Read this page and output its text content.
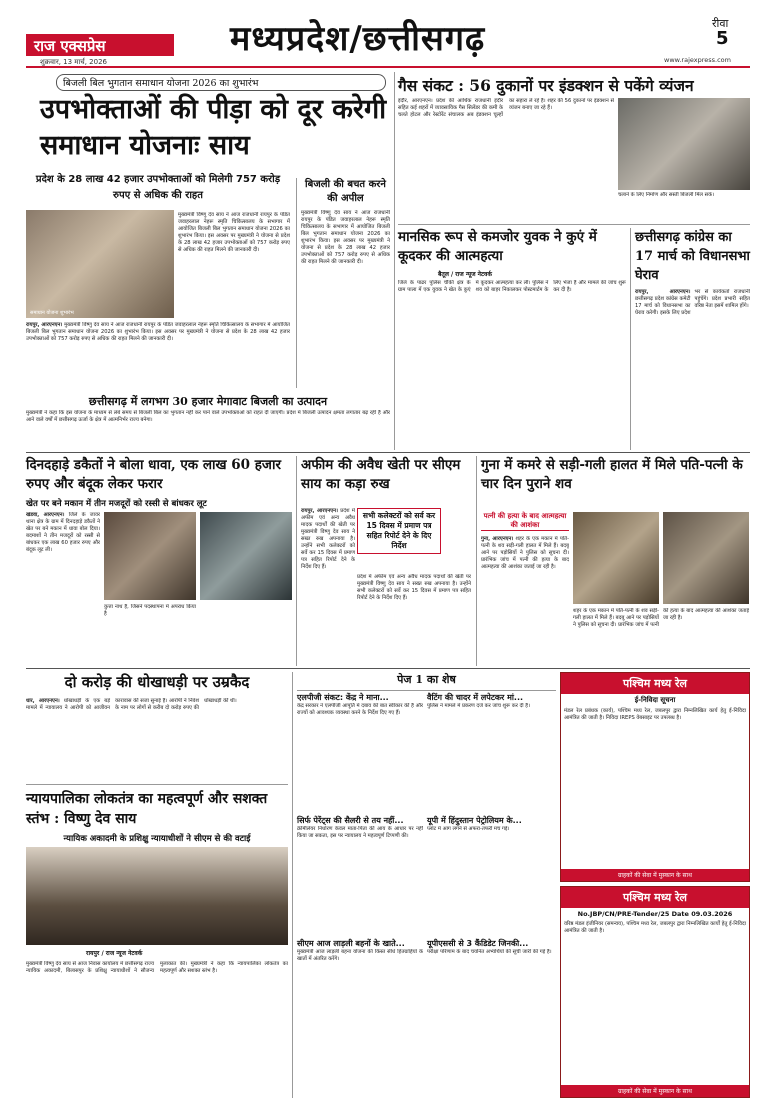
राज एक्सप्रेस
शुक्रवार, 13 मार्च, 2026
मध्यप्रदेश/छत्तीसगढ़	रीवा
5
www.rajexpress.com
बिजली बिल भुगतान समाधान योजना 2026 का शुभारंभ
उपभोक्ताओं की पीड़ा को दूर करेगी समाधान योजनाः साय
प्रदेश के 28 लाख 42 हजार उपभोक्ताओं को मिलेगी 757 करोड़ रुपए से अधिक की राहत
समाधान योजना शुभारंभ
मुख्यमंत्री विष्णु देव साय ने आज राजधानी रायपुर के पंडित जवाहरलाल नेहरू स्मृति चिकित्सालय के सभागार में आयोजित बिजली बिल भुगतान समाधान योजना 2026 का शुभारंभ किया। इस अवसर पर मुख्यमंत्री ने योजना से प्रदेश के 28 लाख 42 हजार उपभोक्ताओं को 757 करोड़ रुपए से अधिक की राहत मिलने की जानकारी दी।
बिजली की बचत करने की अपील
मुख्यमंत्री विष्णु देव साय ने आज राजधानी रायपुर के पंडित जवाहरलाल नेहरू स्मृति चिकित्सालय के सभागार में आयोजित बिजली बिल भुगतान समाधान योजना 2026 का शुभारंभ किया। इस अवसर पर मुख्यमंत्री ने योजना से प्रदेश के 28 लाख 42 हजार उपभोक्ताओं को 757 करोड़ रुपए से अधिक की राहत मिलने की जानकारी दी।
रायपुर, आरएनएन। मुख्यमंत्री विष्णु देव साय ने आज राजधानी रायपुर के पंडित जवाहरलाल नेहरू स्मृति चिकित्सालय के सभागार में आयोजित बिजली बिल भुगतान समाधान योजना 2026 का शुभारंभ किया। इस अवसर पर मुख्यमंत्री ने योजना से प्रदेश के 28 लाख 42 हजार उपभोक्ताओं को 757 करोड़ रुपए से अधिक की राहत मिलने की जानकारी दी।
छत्तीसगढ़ में लगभग 30 हजार मेगावाट बिजली का उत्पादन
मुख्यमंत्री ने कहा कि इस योजना के माध्यम से लंबे समय से बिजली बिल का भुगतान नहीं कर पाने वाले उपभोक्ताओं को राहत दी जाएगी। प्रदेश में बिजली उत्पादन क्षमता लगातार बढ़ रही है और आने वाले वर्षों में छत्तीसगढ़ ऊर्जा के क्षेत्र में आत्मनिर्भर राज्य बनेगा।
गैस संकट : 56 दुकानों पर इंडक्शन से पकेंगे व्यंजन
इंदौर, आरएनएन। प्रदेश की आर्थिक राजधानी इंदौर सहित कई शहरों में व्यावसायिक गैस सिलेंडर की कमी के चलते होटल और रेस्टोरेंट संचालक अब इंडक्शन चूल्हों का सहारा ले रहे हैं। शहर की 56 दुकानों पर इंडक्शन से व्यंजन बनाए जा रहे हैं।
चलाने के लिए निर्माण और सस्ती बिजली मिल सके।
मानसिक रूप से कमजोर युवक ने कुएं में कूदकर की आत्महत्या
बैतूल / राज न्यूज नेटवर्क
जिले के पाढर पुलिस चौकी क्षेत्र के ग्राम पाला में एक युवक ने खेत के कुएं में कूदकर आत्महत्या कर ली। पुलिस ने शव को बाहर निकालकर पोस्टमार्टम के लिए भेजा है और मामले की जांच शुरू कर दी है।
छत्तीसगढ़ कांग्रेस का 17 मार्च को विधानसभा घेराव
रायपुर, आरएनएन। छत्तीसगढ़ प्रदेश कांग्रेस कमेटी 17 मार्च को विधानसभा का घेराव करेगी। इसके लिए प्रदेश भर से कार्यकर्ता राजधानी पहुंचेंगे। प्रदेश प्रभारी सहित वरिष्ठ नेता इसमें शामिल होंगे।
दिनदहाड़े डकैतों ने बोला धावा, एक लाख 60 हजार रुपए और बंदूक लेकर फरार
खेत पर बने मकान में तीन मजदूरों को रस्सी से बांधकर लूट
खंडवा, आरएनएन। जिले के जावर थाना क्षेत्र के ग्राम में दिनदहाड़े डकैतों ने खेत पर बने मकान में धावा बोल दिया। बदमाशों ने तीन मजदूरों को रस्सी से बांधकर एक लाख 60 हजार रुपए और बंदूक लूट ली।
कुत्ता नाथ है, जिसने पदस्थापना में अपराध किया है
अफीम की अवैध खेती पर सीएम साय का कड़ा रुख
सभी कलेक्टरों को सर्व कर 15 दिवस में प्रमाण पत्र सहित रिपोर्ट देने के दिए निर्देश
रायपुर, आरएनएन। प्रदेश में अफीम एवं अन्य अवैध मादक पदार्थों की खेती पर मुख्यमंत्री विष्णु देव साय ने सख्त रुख अपनाया है। उन्होंने सभी कलेक्टरों को सर्वे कर 15 दिवस में प्रमाण पत्र सहित रिपोर्ट देने के निर्देश दिए हैं।
प्रदेश में अफीम एवं अन्य अवैध मादक पदार्थों की खेती पर मुख्यमंत्री विष्णु देव साय ने सख्त रुख अपनाया है। उन्होंने सभी कलेक्टरों को सर्वे कर 15 दिवस में प्रमाण पत्र सहित रिपोर्ट देने के निर्देश दिए हैं।
गुना में कमरे से सड़ी-गली हालत में मिले पति-पत्नी के चार दिन पुराने शव
पत्नी की हत्या के बाद आत्महत्या की आशंका
गुना, आरएनएन। शहर के एक मकान में पति-पत्नी के शव सड़ी-गली हालत में मिले हैं। बदबू आने पर पड़ोसियों ने पुलिस को सूचना दी। प्रारंभिक जांच में पत्नी की हत्या के बाद आत्महत्या की आशंका जताई जा रही है।
शहर के एक मकान में पति-पत्नी के शव सड़ी-गली हालत में मिले हैं। बदबू आने पर पड़ोसियों ने पुलिस को सूचना दी। प्रारंभिक जांच में पत्नी की हत्या के बाद आत्महत्या की आशंका जताई जा रही है।
दो करोड़ की धोखाधड़ी पर उम्रकैद
धार, आरएनएन। धोखाधड़ी के एक बड़े मामले में न्यायालय ने आरोपी को आजीवन कारावास की सजा सुनाई है। आरोपी ने निवेश के नाम पर लोगों से करीब दो करोड़ रुपए की धोखाधड़ी की थी।
न्यायपालिका लोकतंत्र का महत्वपूर्ण और सशक्त स्तंभ : विष्णु देव साय
न्यायिक अकादमी के प्रशिक्षु न्यायाधीशों ने सीएम से की वटाई
रायपुर / राज न्यूज नेटवर्क
मुख्यमंत्री विष्णु देव साय से आज निवास कार्यालय में छत्तीसगढ़ राज्य न्यायिक अकादमी, बिलासपुर के प्रशिक्षु न्यायाधीशों ने सौजन्य मुलाकात की। मुख्यमंत्री ने कहा कि न्यायपालिका लोकतंत्र का महत्वपूर्ण और सशक्त स्तंभ है।
पेज 1 का शेष
एलपीजी संकट: केंद्र ने माना...
केंद्र सरकार ने एलपीजी आपूर्ति में दबाव की बात स्वीकार की है और राज्यों को आवश्यक व्यवस्था करने के निर्देश दिए गए हैं।
सिर्फ पेरेंट्स की सैलरी से तय नहीं...
क्रीमीलेयर निर्धारण केवल माता-पिता की आय के आधार पर नहीं किया जा सकता, इस पर न्यायालय ने महत्वपूर्ण टिप्पणी की।
सीएम आज लाड़ली बहनों के खाते...
मुख्यमंत्री आज लाड़ली बहना योजना की किस्त सीधे हितग्राहियों के खातों में अंतरित करेंगे।
वैटिंग की चादर में लपेटकर मां...
पुलिस ने मामले में प्रकरण दर्ज कर जांच शुरू कर दी है।
यूपी में हिंदुस्तान पेट्रोलियम के...
प्लांट में आग लगने से अफरा-तफरी मच गई।
यूपीएससी से 3 कैंडिडेट जिनकी...
परीक्षा परिणाम के बाद चयनित अभ्यर्थियों की सूची जारी की गई है।
पश्चिम मध्य रेल
ई-निविदा सूचना
मंडल रेल प्रबंधक (कार्य), पश्चिम मध्य रेल, जबलपुर द्वारा निम्नलिखित कार्य हेतु ई-निविदा आमंत्रित की जाती है। निविदा IREPS वेबसाइट पर उपलब्ध है।
ग्राहकों की सेवा में मुस्कान के साथ
पश्चिम मध्य रेल
No.JBP/CN/PRE-Tender/25 Date 09.03.2026
वरिष्ठ मंडल इंजीनियर (समन्वय), पश्चिम मध्य रेल, जबलपुर द्वारा निम्नलिखित कार्यों हेतु ई-निविदा आमंत्रित की जाती है।
ग्राहकों की सेवा में मुस्कान के साथ
